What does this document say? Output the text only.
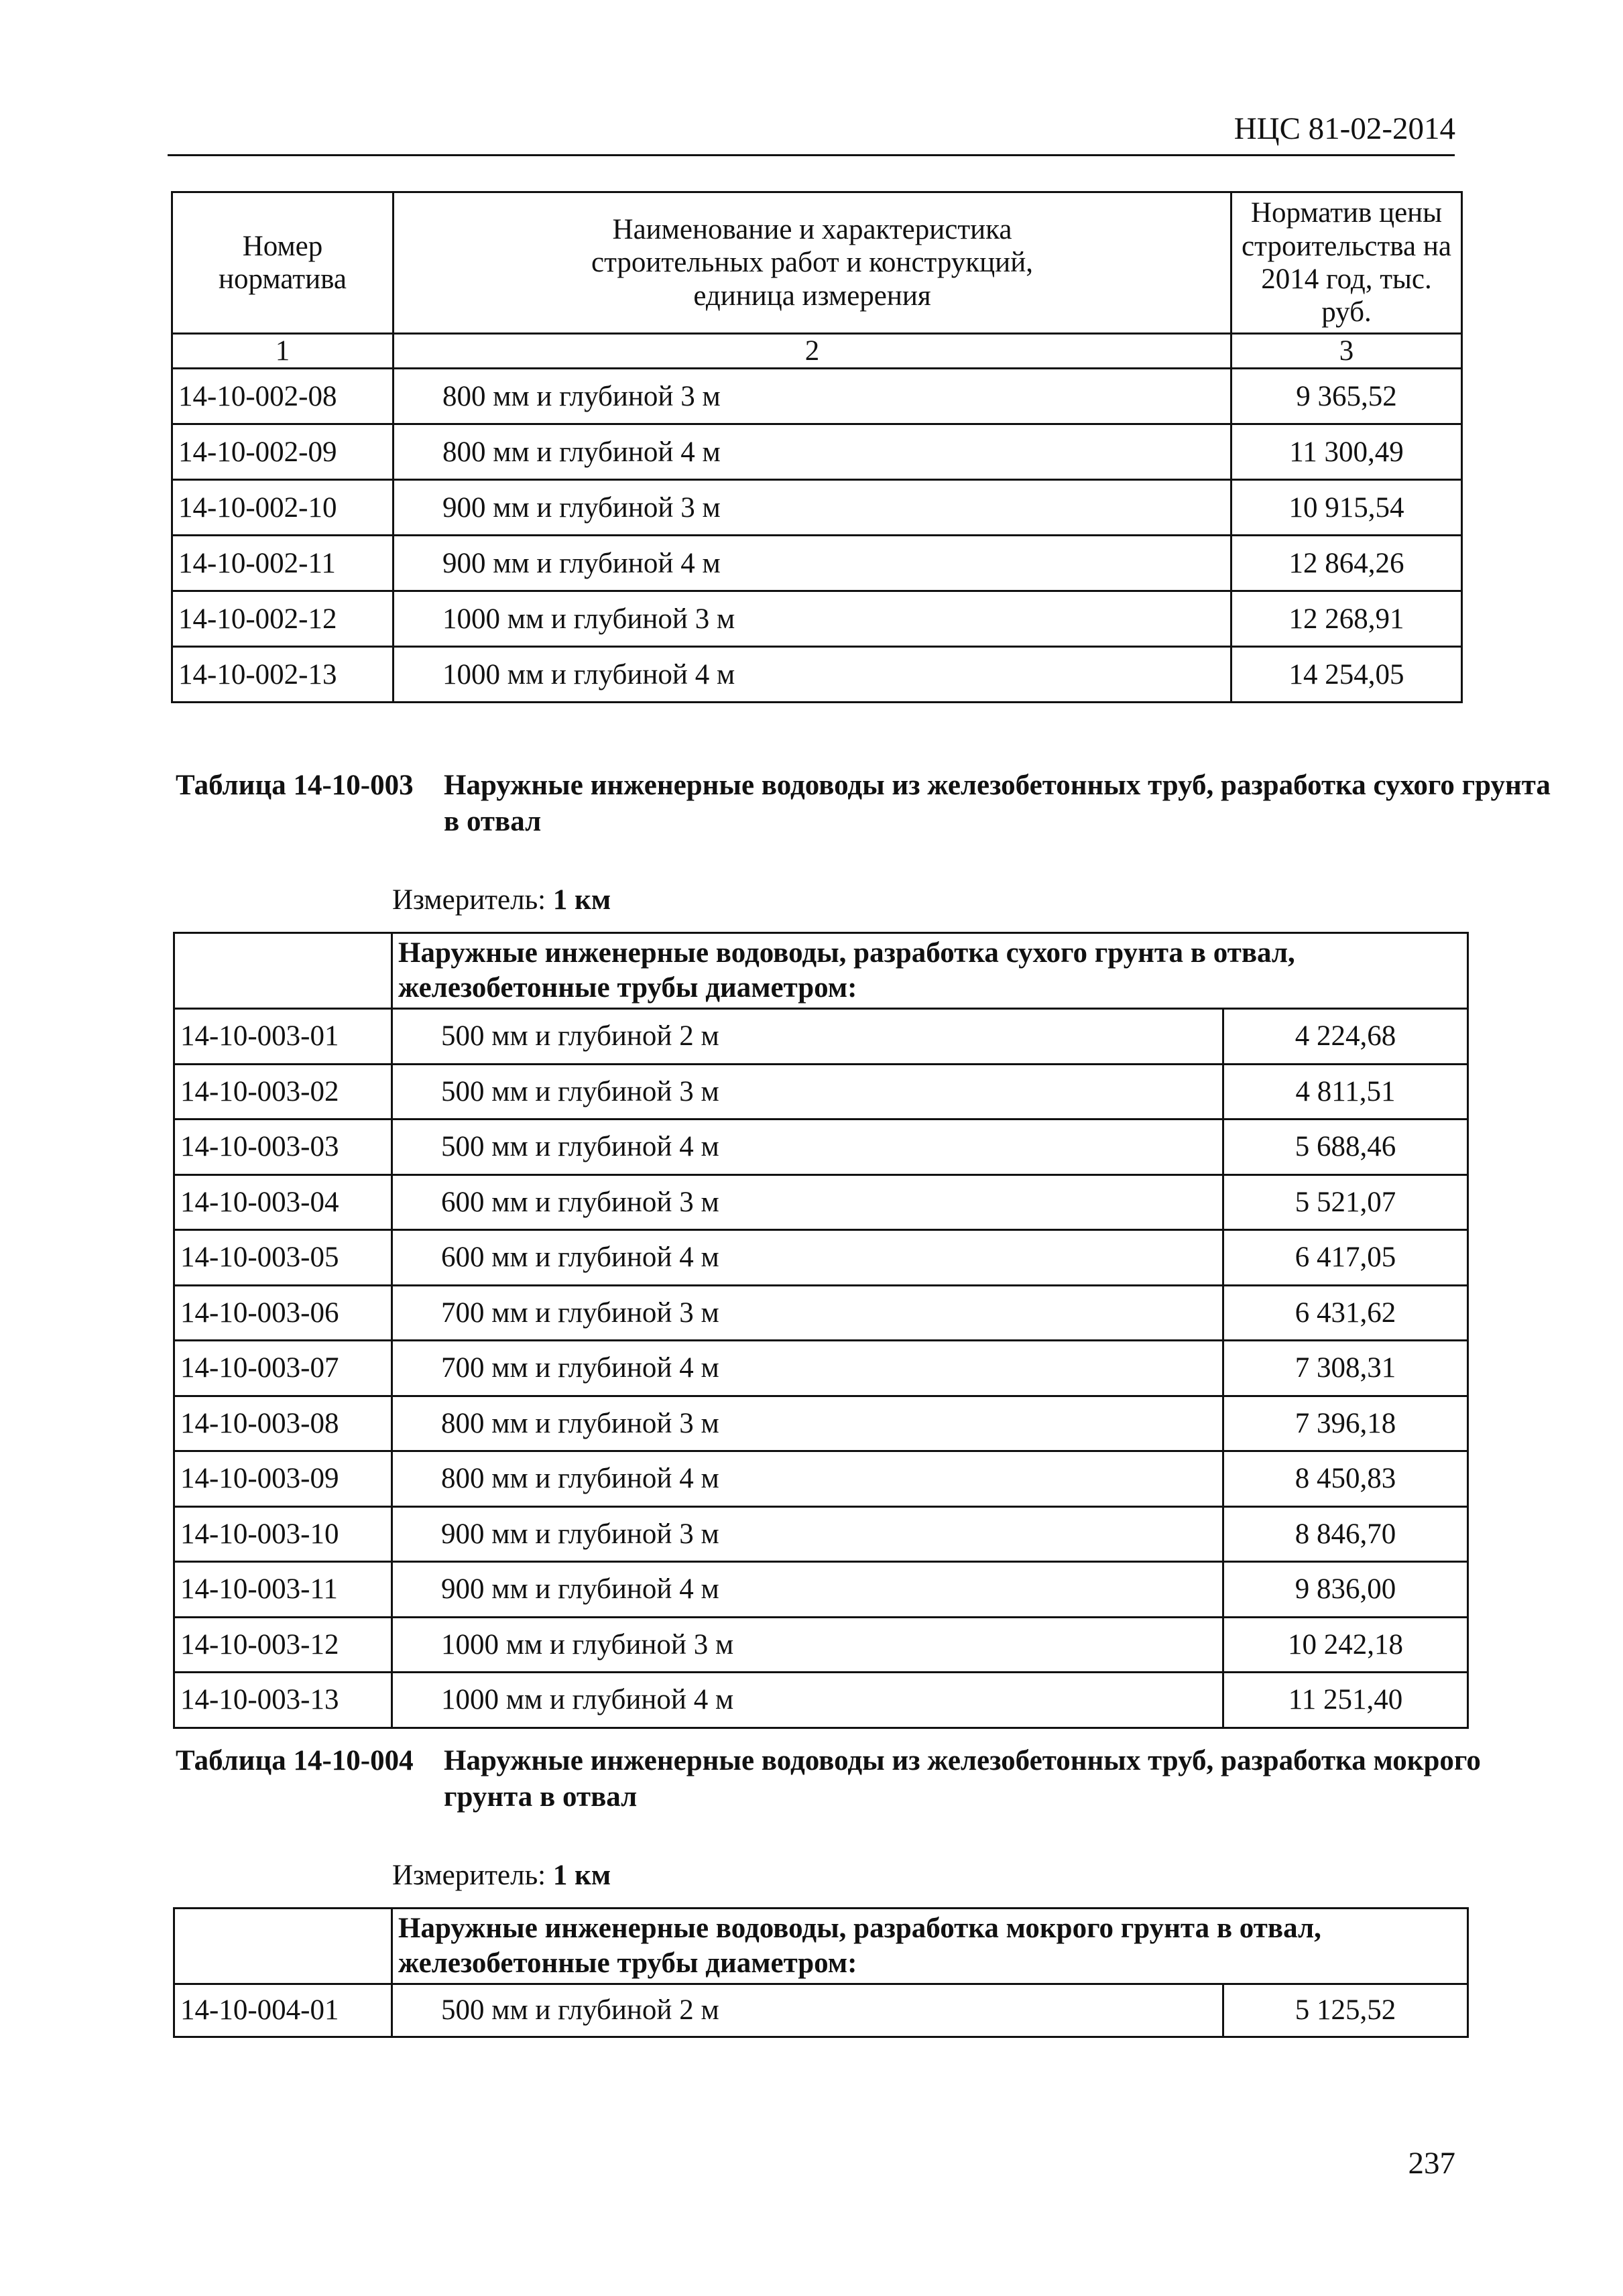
НЦС 81-02-2014
Номер норматива	Наименование и характеристика строительных работ и конструкций, единица измерения	Норматив цены строительства на 2014 год, тыс. руб.
1	2	3
14-10-002-08	800 мм и глубиной 3 м	9 365,52
14-10-002-09	800 мм и глубиной 4 м	11 300,49
14-10-002-10	900 мм и глубиной 3 м	10 915,54
14-10-002-11	900 мм и глубиной 4 м	12 864,26
14-10-002-12	1000 мм и глубиной 3 м	12 268,91
14-10-002-13	1000 мм и глубиной 4 м	14 254,05
Таблица 14-10-003 Наружные инженерные водоводы из железобетонных труб, разработка сухого грунта в отвал
Измеритель: 1 км
	Наружные инженерные водоводы, разработка сухого грунта в отвал, железобетонные трубы диаметром:	
14-10-003-01	500 мм и глубиной 2 м	4 224,68
14-10-003-02	500 мм и глубиной 3 м	4 811,51
14-10-003-03	500 мм и глубиной 4 м	5 688,46
14-10-003-04	600 мм и глубиной 3 м	5 521,07
14-10-003-05	600 мм и глубиной 4 м	6 417,05
14-10-003-06	700 мм и глубиной 3 м	6 431,62
14-10-003-07	700 мм и глубиной 4 м	7 308,31
14-10-003-08	800 мм и глубиной 3 м	7 396,18
14-10-003-09	800 мм и глубиной 4 м	8 450,83
14-10-003-10	900 мм и глубиной 3 м	8 846,70
14-10-003-11	900 мм и глубиной 4 м	9 836,00
14-10-003-12	1000 мм и глубиной 3 м	10 242,18
14-10-003-13	1000 мм и глубиной 4 м	11 251,40
Таблица 14-10-004 Наружные инженерные водоводы из железобетонных труб, разработка мокрого грунта в отвал
Измеритель: 1 км
	Наружные инженерные водоводы, разработка мокрого грунта в отвал, железобетонные трубы диаметром:	
14-10-004-01	500 мм и глубиной 2 м	5 125,52
237
